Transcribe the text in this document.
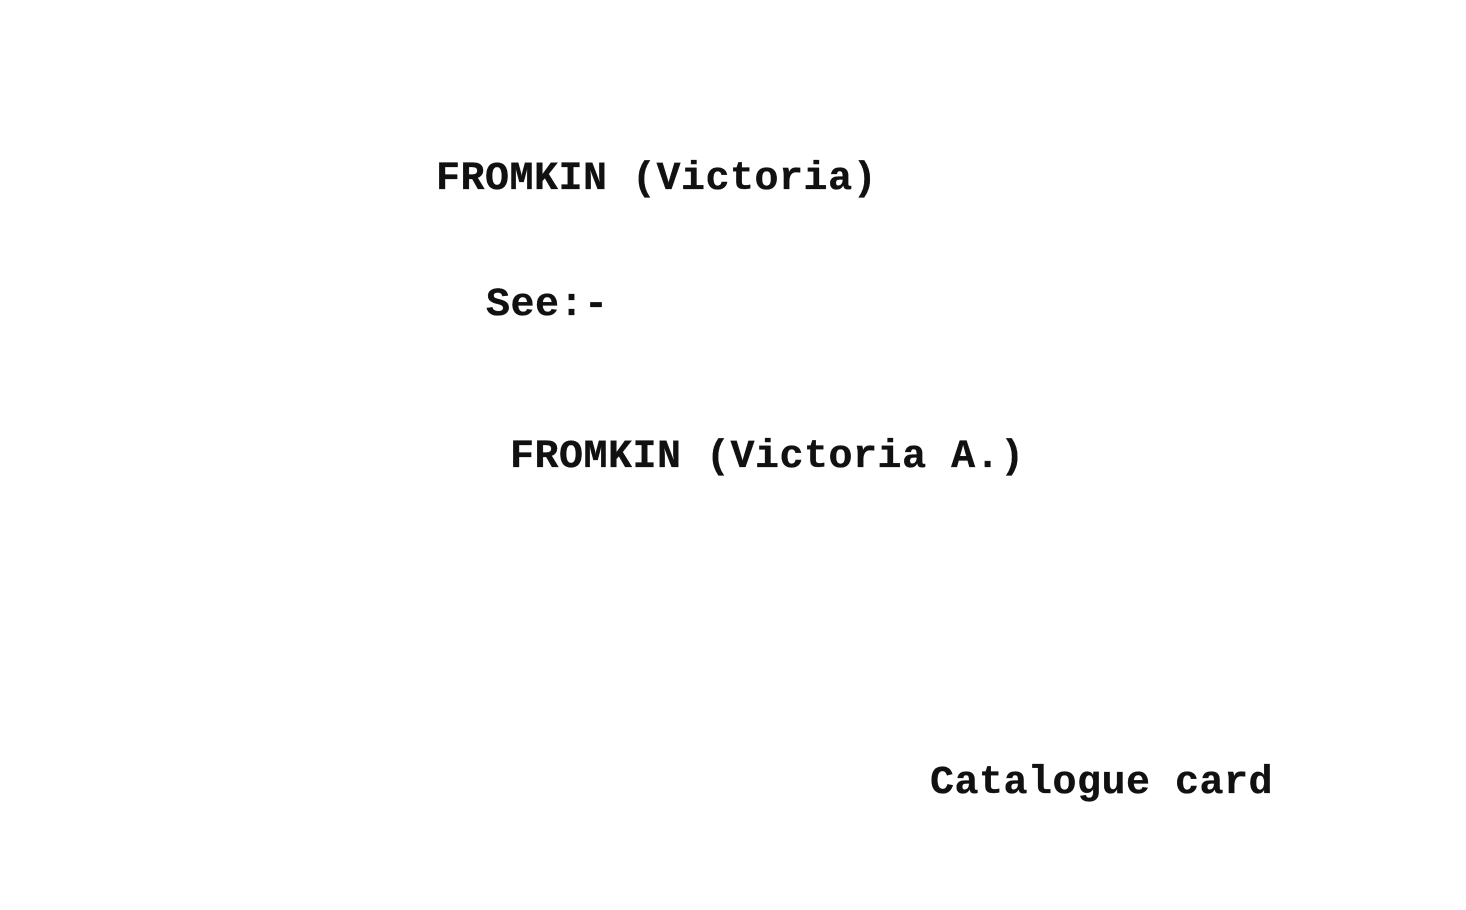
FROMKIN (Victoria)
See:-
FROMKIN (Victoria A.)
Catalogue card
